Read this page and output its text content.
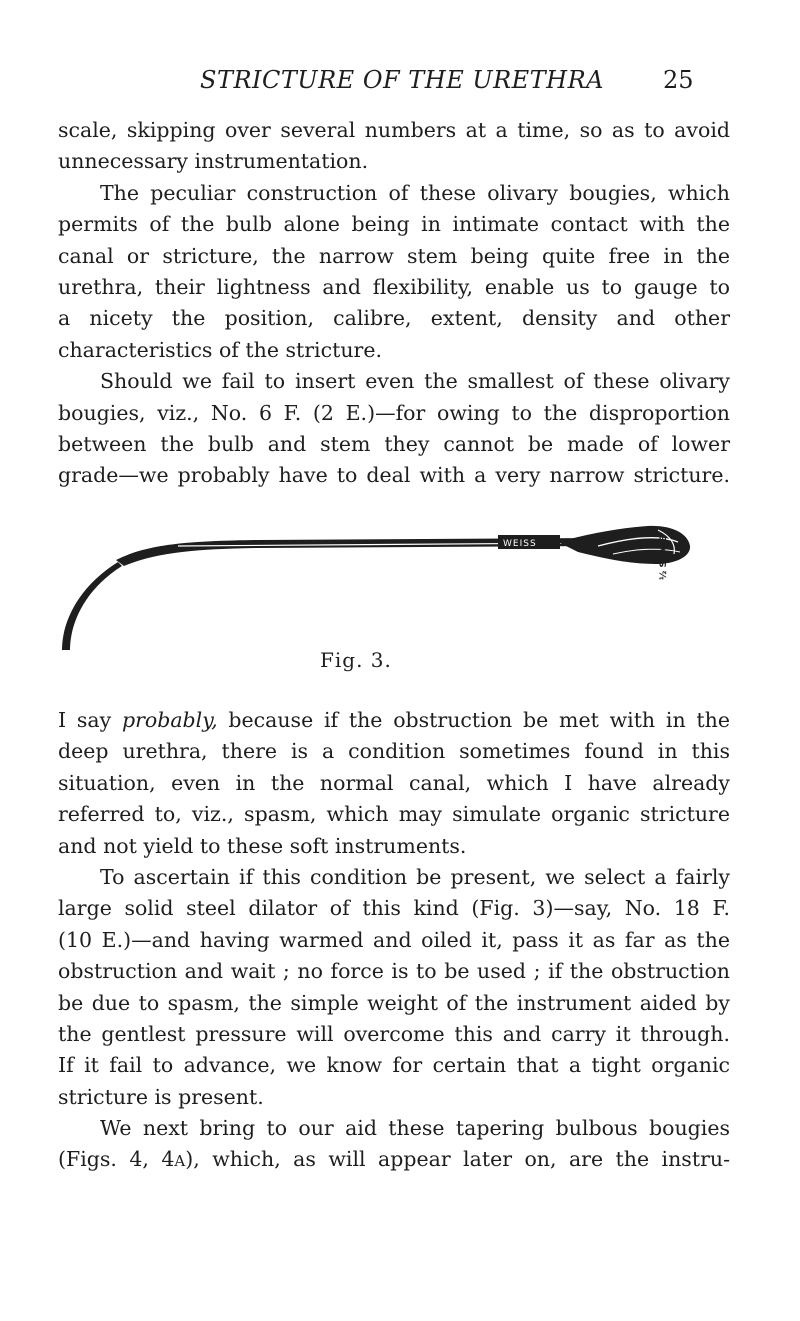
STRICTURE OF THE URETHRA 25
scale, skipping over several numbers at a time, so as to avoid
unnecessary instrumentation.
The peculiar construction of these olivary bougies, which
permits of the bulb alone being in intimate contact with the
canal or stricture, the narrow stem being quite free in the
urethra, their lightness and flexibility, enable us to gauge to
a nicety the position, calibre, extent, density and other
characteristics of the stricture.
Should we fail to insert even the smallest of these olivary
bougies, viz., No. 6 F. (2 E.)—for owing to the disproportion
between the bulb and stem they cannot be made of lower
grade—we probably have to deal with a very narrow stricture.
WEISS	½ SCALE
Fig. 3.
I say probably, because if the obstruction be met with in the
deep urethra, there is a condition sometimes found in this
situation, even in the normal canal, which I have already
referred to, viz., spasm, which may simulate organic stricture
and not yield to these soft instruments.
To ascertain if this condition be present, we select a fairly
large solid steel dilator of this kind (Fig. 3)—say, No. 18 F.
(10 E.)—and having warmed and oiled it, pass it as far as the
obstruction and wait ; no force is to be used ; if the obstruction
be due to spasm, the simple weight of the instrument aided by
the gentlest pressure will overcome this and carry it through.
If it fail to advance, we know for certain that a tight organic
stricture is present.
We next bring to our aid these tapering bulbous bougies
(Figs. 4, 4A), which, as will appear later on, are the instru-
